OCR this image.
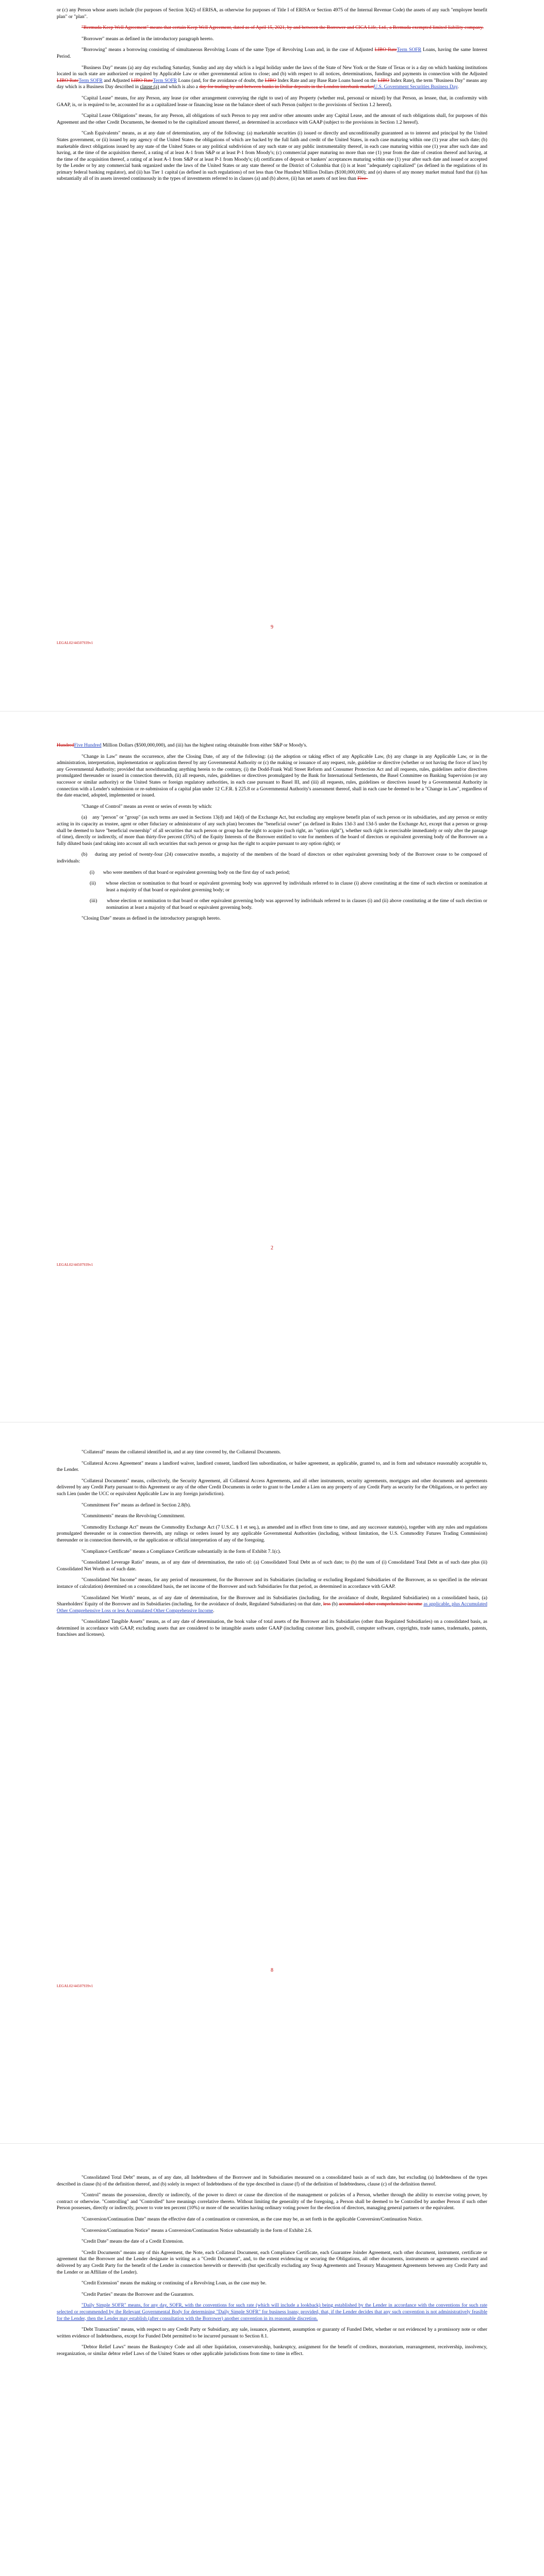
or (c) any Person whose assets include (for purposes of Section 3(42) of ERISA, as otherwise for purposes of Title I of ERISA or Section 4975 of the Internal Revenue Code) the assets of any such "employee benefit plan" or "plan".

"Bermuda Keep Well Agreement" means that certain Keep Well Agreement, dated as of April 15, 2021, by and between the Borrower and CICA Life, Ltd., a Bermuda exempted limited liability company.

"Borrower" means as defined in the introductory paragraph hereto.

"Borrowing" means a borrowing consisting of simultaneous Revolving Loans of the same Type of Revolving Loan and, in the case of Adjusted LIBO RateTerm SOFR Loans, having the same Interest Period.

"Business Day" means (a) any day excluding Saturday, Sunday and any day which is a legal holiday under the laws of the State of New York or the State of Texas or is a day on which banking institutions located in such state are authorized or required by Applicable Law or other governmental action to close; and (b) with respect to all notices, determinations, fundings and payments in connection with the Adjusted LIBO RateTerm SOFR and Adjusted LIBO RateTerm SOFR Loans (and, for the avoidance of doubt, the LIBO Index Rate and any Base Rate Loans based on the LIBO Index Rate), the term "Business Day" means any day which is a Business Day described in clause (a) and which is also a day for trading by and between banks in Dollar deposits in the London interbank marketU.S. Government Securities Business Day.

"Capital Lease" means, for any Person, any lease (or other arrangement conveying the right to use) of any Property (whether real, personal or mixed) by that Person, as lessee, that, in conformity with GAAP, is, or is required to be, accounted for as a capitalized lease or financing lease on the balance sheet of such Person (subject to the provisions of Section 1.2 hereof).

"Capital Lease Obligations" means, for any Person, all obligations of such Person to pay rent and/or other amounts under any Capital Lease, and the amount of such obligations shall, for purposes of this Agreement and the other Credit Documents, be deemed to be the capitalized amount thereof, as determined in accordance with GAAP (subject to the provisions in Section 1.2 hereof).

"Cash Equivalents" means, as at any date of determination, any of the following: (a) marketable securities (i) issued or directly and unconditionally guaranteed as to interest and principal by the United States government, or (ii) issued by any agency of the United States the obligations of which are backed by the full faith and credit of the United States, in each case maturing within one (1) year after such date; (b) marketable direct obligations issued by any state of the United States or any political subdivision of any such state or any public instrumentality thereof, in each case maturing within one (1) year after such date and having, at the time of the acquisition thereof, a rating of at least A-1 from S&P or at least P-1 from Moody's; (c) commercial paper maturing no more than one (1) year from the date of creation thereof and having, at the time of the acquisition thereof, a rating of at least A-1 from S&P or at least P-1 from Moody's; (d) certificates of deposit or bankers' acceptances maturing within one (1) year after such date and issued or accepted by the Lender or by any commercial bank organized under the laws of the United States or any state thereof or the District of Columbia that (i) is at least "adequately capitalized" (as defined in the regulations of its primary federal banking regulator), and (ii) has Tier 1 capital (as defined in such regulations) of not less than One Hundred Million Dollars ($100,000,000); and (e) shares of any money market mutual fund that (i) has substantially all of its assets invested continuously in the types of investments referred to in clauses (a) and (b) above, (ii) has net assets of not less than Five-

9
LEGAL02/44507939v1

HundredFive Hundred Million Dollars ($500,000,000), and (iii) has the highest rating obtainable from either S&P or Moody's.

"Change in Law" means the occurrence, after the Closing Date, of any of the following: (a) the adoption or taking effect of any Applicable Law, (b) any change in any Applicable Law, or in the administration, interpretation, implementation or application thereof by any Governmental Authority or (c) the making or issuance of any request, rule, guideline or directive (whether or not having the force of law) by any Governmental Authority; provided that notwithstanding anything herein to the contrary, (i) the Dodd-Frank Wall Street Reform and Consumer Protection Act and all requests, rules, guidelines and/or directives promulgated thereunder or issued in connection therewith, (ii) all requests, rules, guidelines or directives promulgated by the Bank for International Settlements, the Basel Committee on Banking Supervision (or any successor or similar authority) or the United States or foreign regulatory authorities, in each case pursuant to Basel III, and (iii) all requests, rules, guidelines or directives issued by a Governmental Authority in connection with a Lender's submission or re-submission of a capital plan under 12 C.F.R. § 225.8 or a Governmental Authority's assessment thereof, shall in each case be deemed to be a "Change in Law", regardless of the date enacted, adopted, implemented or issued.

"Change of Control" means an event or series of events by which:

(a)    any "person" or "group" (as such terms are used in Sections 13(d) and 14(d) of the Exchange Act, but excluding any employee benefit plan of such person or its subsidiaries, and any person or entity acting in its capacity as trustee, agent or other fiduciary or administrator of any such plan) becomes the "beneficial owner" (as defined in Rules 13d-3 and 13d-5 under the Exchange Act, except that a person or group shall be deemed to have "beneficial ownership" of all securities that such person or group has the right to acquire (such right, an "option right"), whether such right is exercisable immediately or only after the passage of time), directly or indirectly, of more than thirty-five percent (35%) of the Equity Interests of the Borrower entitled to vote for members of the board of directors or equivalent governing body of the Borrower on a fully diluted basis (and taking into account all such securities that such person or group has the right to acquire pursuant to any option right); or

(b)    during any period of twenty-four (24) consecutive months, a majority of the members of the board of directors or other equivalent governing body of the Borrower cease to be composed of individuals:

(i)       who were members of that board or equivalent governing body on the first day of such period;

(ii)       whose election or nomination to that board or equivalent governing body was approved by individuals referred to in clause (i) above constituting at the time of such election or nomination at least a majority of that board or equivalent governing body; or

(iii)       whose election or nomination to that board or other equivalent governing body was approved by individuals referred to in clauses (i) and (ii) above constituting at the time of such election or nomination at least a majority of that board or equivalent governing body.

"Closing Date" means as defined in the introductory paragraph hereto.

2
LEGAL02/44507939v1

"Collateral" means the collateral identified in, and at any time covered by, the Collateral Documents.

"Collateral Access Agreement" means a landlord waiver, landlord consent, landlord lien subordination, or bailee agreement, as applicable, granted to, and in form and substance reasonably acceptable to, the Lender.

"Collateral Documents" means, collectively, the Security Agreement, all Collateral Access Agreements, and all other instruments, security agreements, mortgages and other documents and agreements delivered by any Credit Party pursuant to this Agreement or any of the other Credit Documents in order to grant to the Lender a Lien on any property of any Credit Party as security for the Obligations, or to perfect any such Lien (under the UCC or equivalent Applicable Law in any foreign jurisdiction).

"Commitment Fee" means as defined in Section 2.8(b).

"Commitments" means the Revolving Commitment.

"Commodity Exchange Act" means the Commodity Exchange Act (7 U.S.C. § 1 et seq.), as amended and in effect from time to time, and any successor statute(s), together with any rules and regulations promulgated thereunder or in connection therewith, any rulings or orders issued by any applicable Governmental Authorities (including, without limitation, the U.S. Commodity Futures Trading Commission) thereunder or in connection therewith, or the application or official interpretation of any of the foregoing.

"Compliance Certificate" means a Compliance Certificate substantially in the form of Exhibit 7.1(c).

"Consolidated Leverage Ratio" means, as of any date of determination, the ratio of: (a) Consolidated Total Debt as of such date; to (b) the sum of (i) Consolidated Total Debt as of such date plus (ii) Consolidated Net Worth as of such date.

"Consolidated Net Income" means, for any period of measurement, for the Borrower and its Subsidiaries (including or excluding Regulated Subsidiaries of the Borrower, as so specified in the relevant instance of calculation) determined on a consolidated basis, the net income of the Borrower and such Subsidiaries for that period, as determined in accordance with GAAP.

"Consolidated Net Worth" means, as of any date of determination, for the Borrower and its Subsidiaries (including, for the avoidance of doubt, Regulated Subsidiaries) on a consolidated basis, (a) Shareholders' Equity of the Borrower and its Subsidiaries (including, for the avoidance of doubt, Regulated Subsidiaries) on that date, less (b) accumulated other comprehensive income as applicable, plus Accumulated Other Comprehensive Loss or less Accumulated Other Comprehensive Income.

"Consolidated Tangible Assets" means, as of any date of determination, the book value of total assets of the Borrower and its Subsidiaries (other than Regulated Subsidiaries) on a consolidated basis, as determined in accordance with GAAP, excluding assets that are considered to be intangible assets under GAAP (including customer lists, goodwill, computer software, copyrights, trade names, trademarks, patents, franchises and licenses).

8
LEGAL02/44507939v1

"Consolidated Total Debt" means, as of any date, all Indebtedness of the Borrower and its Subsidiaries measured on a consolidated basis as of such date, but excluding (a) Indebtedness of the types described in clause (h) of the definition thereof, and (b) solely in respect of Indebtedness of the type described in clause (f) of the definition of Indebtedness, clause (c) of the definition thereof.

"Control" means the possession, directly or indirectly, of the power to direct or cause the direction of the management or policies of a Person, whether through the ability to exercise voting power, by contract or otherwise. "Controlling" and "Controlled" have meanings correlative thereto. Without limiting the generality of the foregoing, a Person shall be deemed to be Controlled by another Person if such other Person possesses, directly or indirectly, power to vote ten percent (10%) or more of the securities having ordinary voting power for the election of directors, managing general partners or the equivalent.

"Conversion/Continuation Date" means the effective date of a continuation or conversion, as the case may be, as set forth in the applicable Conversion/Continuation Notice.

"Conversion/Continuation Notice" means a Conversion/Continuation Notice substantially in the form of Exhibit 2.6.

"Credit Date" means the date of a Credit Extension.

"Credit Documents" means any of this Agreement, the Note, each Collateral Document, each Compliance Certificate, each Guarantee Joinder Agreement, each other document, instrument, certificate or agreement that the Borrower and the Lender designate in writing as a "Credit Document", and, to the extent evidencing or securing the Obligations, all other documents, instruments or agreements executed and delivered by any Credit Party for the benefit of the Lender in connection herewith or therewith (but specifically excluding any Swap Agreements and Treasury Management Agreements between any Credit Party and the Lender or an Affiliate of the Lender).

"Credit Extension" means the making or continuing of a Revolving Loan, as the case may be.

"Credit Parties" means the Borrower and the Guarantors.

"Daily Simple SOFR" means, for any day, SOFR, with the conventions for such rate (which will include a lookback) being established by the Lender in accordance with the conventions for such rate selected or recommended by the Relevant Governmental Body for determining "Daily Simple SOFR" for business loans; provided, that, if the Lender decides that any such convention is not administratively feasible for the Lender, then the Lender may establish (after consultation with the Borrower) another convention in its reasonable discretion.

"Debt Transaction" means, with respect to any Credit Party or Subsidiary, any sale, issuance, placement, assumption or guaranty of Funded Debt, whether or not evidenced by a promissory note or other written evidence of Indebtedness, except for Funded Debt permitted to be incurred pursuant to Section 8.1.

"Debtor Relief Laws" means the Bankruptcy Code and all other liquidation, conservatorship, bankruptcy, assignment for the benefit of creditors, moratorium, rearrangement, receivership, insolvency, reorganization, or similar debtor relief Laws of the United States or other applicable jurisdictions from time to time in effect.
